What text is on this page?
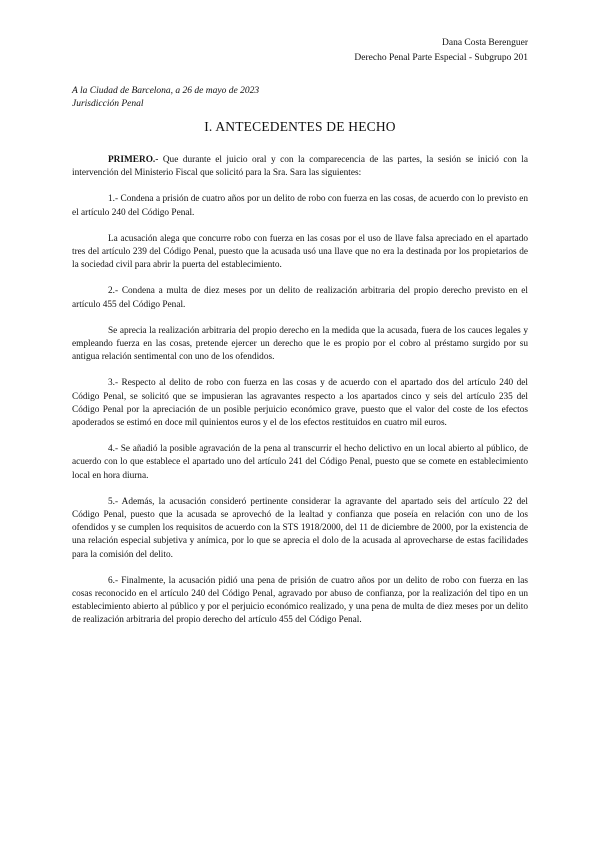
Dana Costa Berenguer
Derecho Penal Parte Especial - Subgrupo 201
A la Ciudad de Barcelona, a 26 de mayo de 2023
Jurisdicción Penal
I. ANTECEDENTES DE HECHO

PRIMERO.- Que durante el juicio oral y con la comparecencia de las partes, la sesión se inició con la intervención del Ministerio Fiscal que solicitó para la Sra. Sara las siguientes:

1.- Condena a prisión de cuatro años por un delito de robo con fuerza en las cosas, de acuerdo con lo previsto en el artículo 240 del Código Penal.

La acusación alega que concurre robo con fuerza en las cosas por el uso de llave falsa apreciado en el apartado tres del artículo 239 del Código Penal, puesto que la acusada usó una llave que no era la destinada por los propietarios de la sociedad civil para abrir la puerta del establecimiento.

2.- Condena a multa de diez meses por un delito de realización arbitraria del propio derecho previsto en el artículo 455 del Código Penal.

Se aprecia la realización arbitraria del propio derecho en la medida que la acusada, fuera de los cauces legales y empleando fuerza en las cosas, pretende ejercer un derecho que le es propio por el cobro al préstamo surgido por su antigua relación sentimental con uno de los ofendidos.

3.- Respecto al delito de robo con fuerza en las cosas y de acuerdo con el apartado dos del artículo 240 del Código Penal, se solicitó que se impusieran las agravantes respecto a los apartados cinco y seis del artículo 235 del Código Penal por la apreciación de un posible perjuicio económico grave, puesto que el valor del coste de los efectos apoderados se estimó en doce mil quinientos euros y el de los efectos restituidos en cuatro mil euros.

4.- Se añadió la posible agravación de la pena al transcurrir el hecho delictivo en un local abierto al público, de acuerdo con lo que establece el apartado uno del artículo 241 del Código Penal, puesto que se comete en establecimiento local en hora diurna.

5.- Además, la acusación consideró pertinente considerar la agravante del apartado seis del artículo 22 del Código Penal, puesto que la acusada se aprovechó de la lealtad y confianza que poseía en relación con uno de los ofendidos y se cumplen los requisitos de acuerdo con la STS 1918/2000, del 11 de diciembre de 2000, por la existencia de una relación especial subjetiva y anímica, por lo que se aprecia el dolo de la acusada al aprovecharse de estas facilidades para la comisión del delito.

6.- Finalmente, la acusación pidió una pena de prisión de cuatro años por un delito de robo con fuerza en las cosas reconocido en el artículo 240 del Código Penal, agravado por abuso de confianza, por la realización del tipo en un establecimiento abierto al público y por el perjuicio económico realizado, y una pena de multa de diez meses por un delito de realización arbitraria del propio derecho del artículo 455 del Código Penal.
